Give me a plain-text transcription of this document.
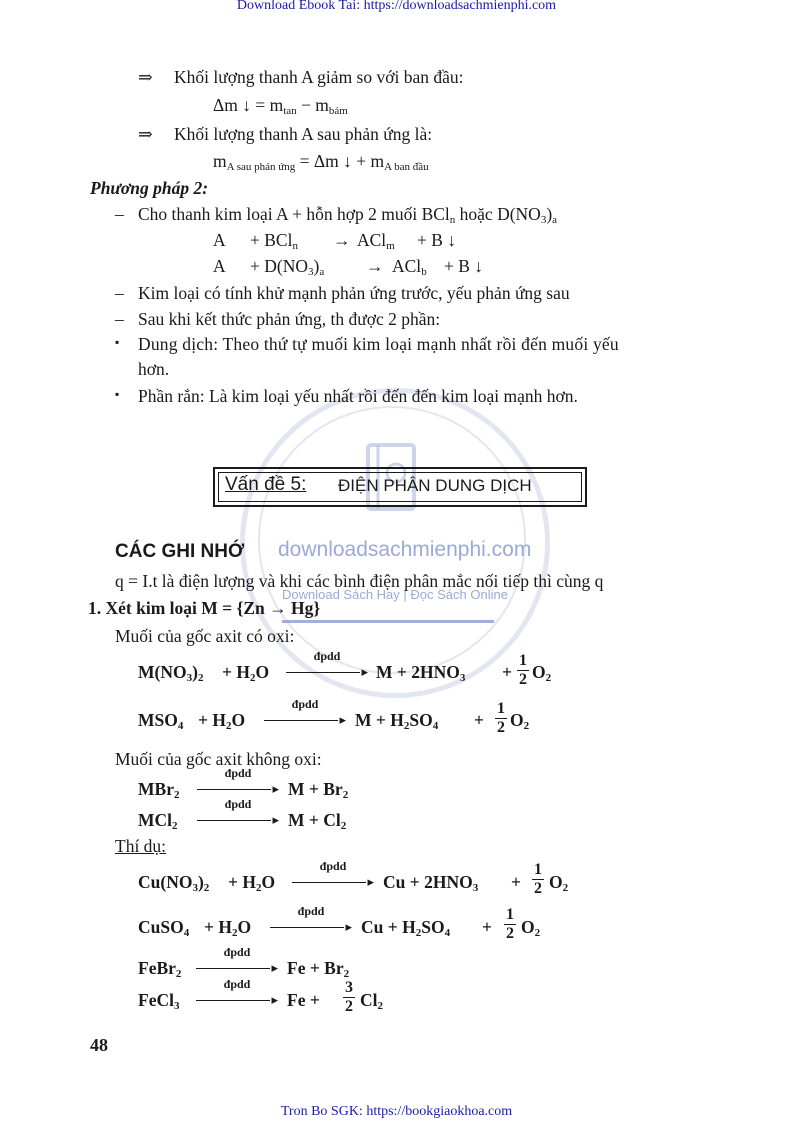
Download Ebook Tai: https://downloadsachmienphi.com
Tron Bo SGK: https://bookgiaokhoa.com
downloadsachmienphi.com
Download Sách Hay | Đọc Sách Online
⇒ Khối lượng thanh A giảm so với ban đầu:
Δm ↓ = $m_{tan} - m_{bám}$
⇒ Khối lượng thanh A sau phản ứng là:
$m_{A sau phản ứng} = \Delta m$ ↓ + $m_{A ban đầu}$
Phương pháp 2:
– Cho thanh kim loại A + hỗn hợp 2 muối BCl$_n$ hoặc $D(NO_3)_a$
A + BCl$_n$ → ACl$_m$ + B ↓
$A + D(NO_3)_a \to ACl_b + B$ ↓
– Kim loại có tính khử mạnh phản ứng trước, yếu phản ứng sau
– Sau khi kết thức phản ứng, th được 2 phần:
▪ Dung dịch: Theo thứ tự muối kim loại mạnh nhất rồi đến muối yếu
hơn.
▪ Phần rắn: Là kim loại yếu nhất rồi đến đến kim loại mạnh hơn.
Vấn đề 5: ĐIỆN PHÂN DUNG DỊCH
CÁC GHI NHỚ
q = I.t là điện lượng và khi các bình điện phân mắc nối tiếp thì cùng q
1. Xét kim loại M = {Zn → Hg}
Muối của gốc axit có oxi:
$M(NO_3)_2 + H_2O$
đpdd
▸ $M + 2HNO_3$ +
1
2 $O_2$
$MSO_4 + H_2O$
đpdd
▸ $M + H_2SO_4$ +
1
2 $O_2$
Muối của gốc axit không oxi:
MBr$_2$
đpdd
▸ $M + Br_2$
MCl$_2$
đpdd
▸ $M + Cl_2$
Thí dụ:
$Cu(NO_3)_2 + H_2O$
đpdd
▸ $Cu + 2HNO_3$ +
1
2 $O_2$
CuSO$_4$ + $H_2O$
đpdd
▸ $Cu + H_2SO_4$ +
1
2 $O_2$
FeBr$_2$
đpdd
▸ $Fe + Br_2$
FeCl$_3$
đpdd
▸ Fe +
3
2 $Cl_2$
48
